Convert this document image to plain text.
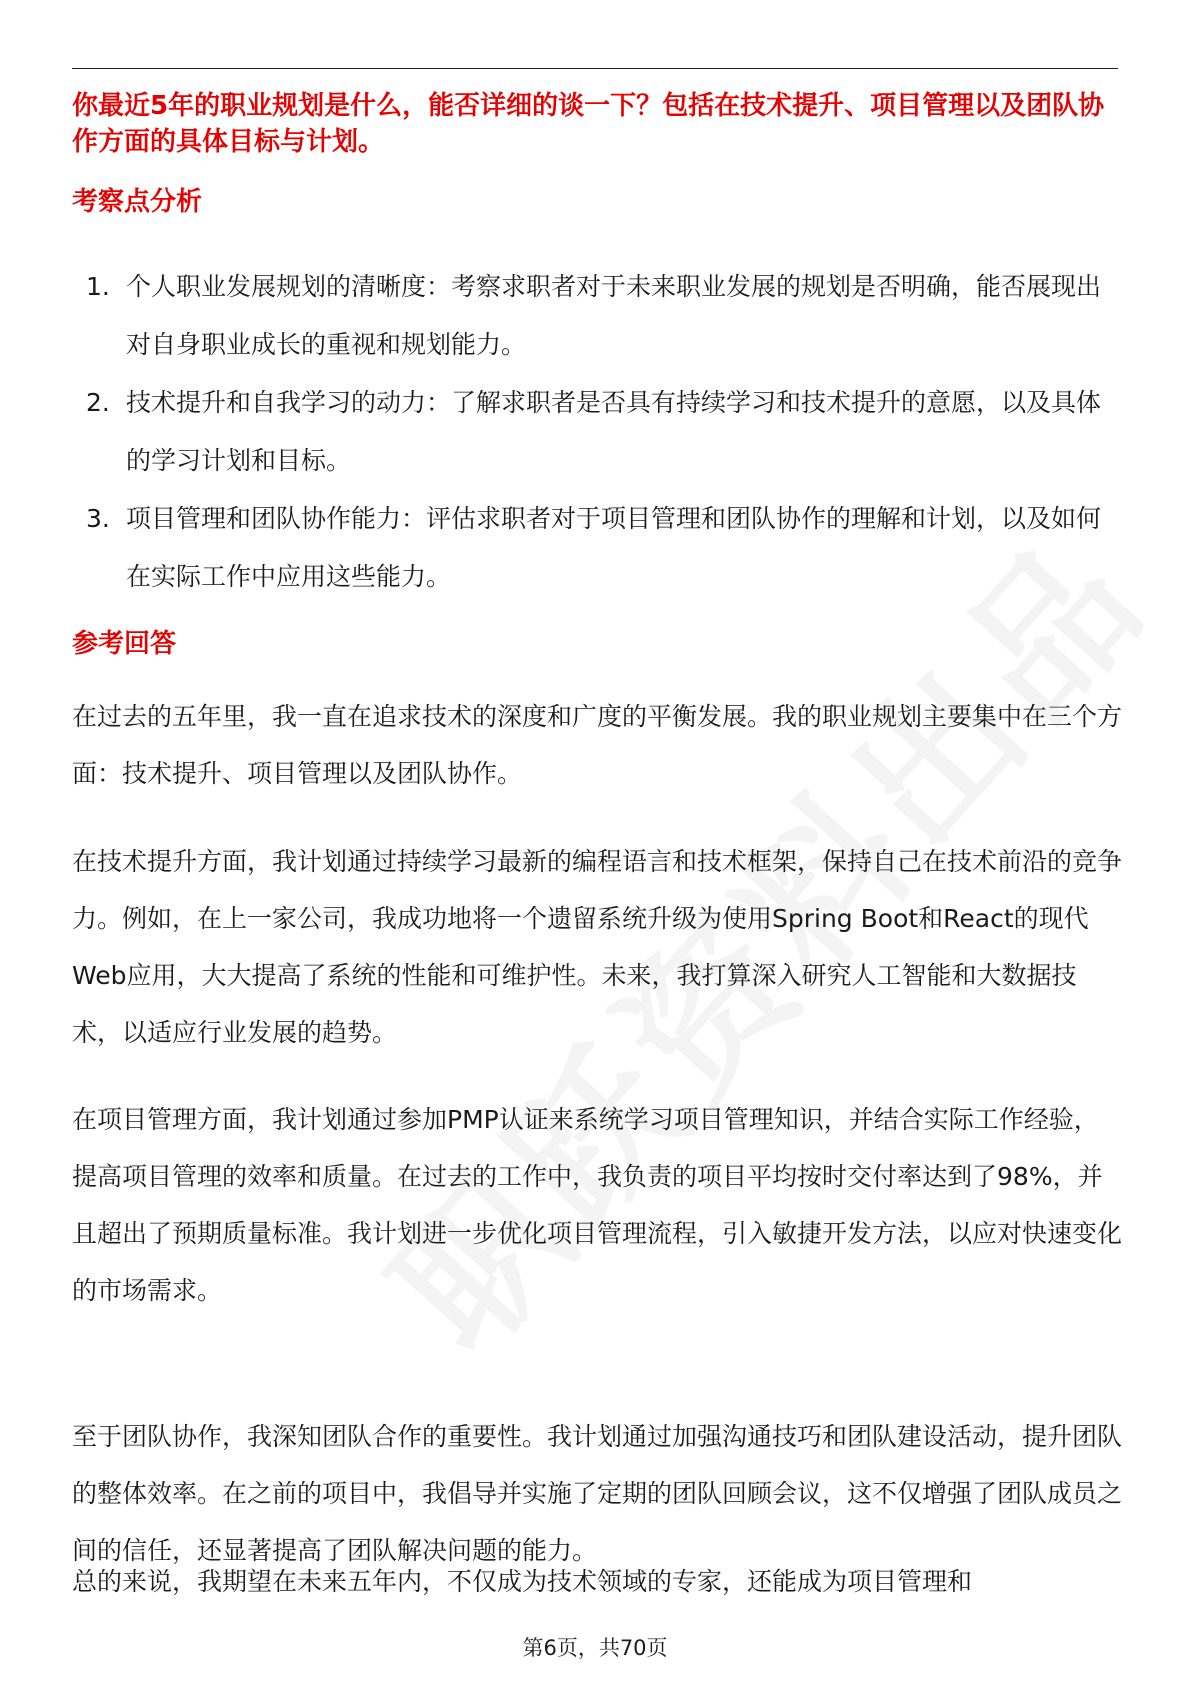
你最近5年的职业规划是什么，能否详细的谈一下？包括在技术提升、项目管理以及团队协作方面的具体目标与计划。
考察点分析
1. 个人职业发展规划的清晰度：考察求职者对于未来职业发展的规划是否明确，能否展现出对自身职业成长的重视和规划能力。
2. 技术提升和自我学习的动力：了解求职者是否具有持续学习和技术提升的意愿，以及具体的学习计划和目标。
3. 项目管理和团队协作能力：评估求职者对于项目管理和团队协作的理解和计划，以及如何在实际工作中应用这些能力。
参考回答

在过去的五年里，我一直在追求技术的深度和广度的平衡发展。我的职业规划主要集中在三个方面：技术提升、项目管理以及团队协作。

在技术提升方面，我计划通过持续学习最新的编程语言和技术框架，保持自己在技术前沿的竞争力。例如，在上一家公司，我成功地将一个遗留系统升级为使用Spring Boot和React的现代Web应用，大大提高了系统的性能和可维护性。未来，我打算深入研究人工智能和大数据技术，以适应行业发展的趋势。

在项目管理方面，我计划通过参加PMP认证来系统学习项目管理知识，并结合实际工作经验，提高项目管理的效率和质量。在过去的工作中，我负责的项目平均按时交付率达到了98%，并且超出了预期质量标准。我计划进一步优化项目管理流程，引入敏捷开发方法，以应对快速变化的市场需求。

至于团队协作，我深知团队合作的重要性。我计划通过加强沟通技巧和团队建设活动，提升团队的整体效率。在之前的项目中，我倡导并实施了定期的团队回顾会议，这不仅增强了团队成员之间的信任，还显著提高了团队解决问题的能力。

总的来说，我期望在未来五年内，不仅成为技术领域的专家，还能成为项目管理和

第6页，共70页
